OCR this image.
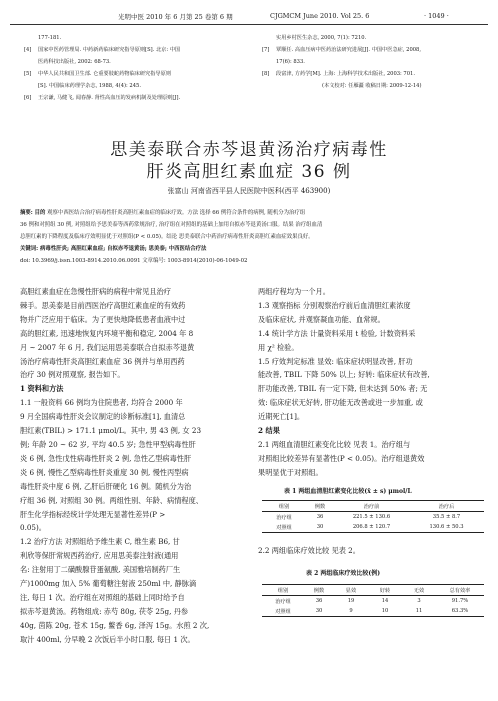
光明中医 2010 年 6 月第 25 卷第 6 期	CJGMCM June 2010. Vol 25. 6	· 1049 ·
177-181.
[4] 国家中医药管理局. 中药新药临床研究指导原则[S]. 北京: 中国
医药科技出版社, 2002: 68-73.
[5] 中华人民共和国卫生部. 仑重要肢蛇药物临床研究指导原则
[S]. 中国临床药理学杂志, 1988, 4(4): 245.
[6] 王宗谦, 马健飞, 闻春静. 肾性高血压的发病机制及处理原则[J].
实用乡村医生杂志, 2000, 7(1): 7210.
[7] 覃顺任. 高血压病中医药治法研究进展[J]. 中国中医急症, 2008,
17(6): 833.
[8] 段富津, 方药学[M]. 上海: 上海科学技术出版社, 2003: 701.
(本文校对: 任雁疆 收稿日期: 2009-12-14)
思美泰联合赤芩退黄汤治疗病毒性
肝炎高胆红素血症 36 例
张富山 河南省西平县人民医院中医科(西平 463900)
摘要: 目的 观察中西医结合治疗病毒性肝炎高胆红素血症的临床疗效。方法 选择 66 例符合条件的病例, 随机分为治疗组
36 例和对照组 30 例, 对照组给予思美泰等西药常规治疗, 治疗组在对照组的基础上加用自拟赤芩退黄汤口服。结果 治疗组血清
总胆红素的下降程度及临床疗效明显优于对照组(P < 0.05)。结论 思美泰联合中药治疗病毒性肝炎高胆红素血症效果良好。
关键词: 病毒性肝炎; 高胆红素血症; 自拟赤芩退黄汤; 思美泰; 中西医结合疗法
doi: 10.3969/j.issn.1003-8914.2010.06.0091 文章编号: 1003-8914(2010)-06-1049-02

高胆红素血症在急慢性肝病的病程中常见且治疗

棘手。思美泰是目前西医治疗高胆红素血症的有效药

物并广泛应用于临床。为了更快地降低患者血液中过

高的胆红素, 迅速地恢复内环境平衡和稳定, 2004 年 8

月 ~ 2007 年 6 月, 我们运用思美泰联合自拟赤芩退黄

汤治疗病毒性肝炎高胆红素血症 36 例并与单用西药

治疗 30 例对照观察, 报告如下。

1 资料和方法

1.1 一般资料 66 例均为住院患者, 均符合 2000 年

9 月全国病毒性肝炎会议制定的诊断标准[1], 血清总

胆红素(TBIL) > 171.1 μmol/L。其中, 男 43 例, 女 23

例; 年龄 20 ~ 62 岁, 平均 40.5 岁; 急性甲型病毒性肝

炎 6 例, 急性戊性病毒性肝炎 2 例, 急性乙型病毒性肝

炎 6 例, 慢性乙型病毒性肝炎重度 30 例, 慢性丙型病

毒性肝炎中度 6 例, 乙肝后肝硬化 16 例。随机分为治

疗组 36 例, 对照组 30 例。两组性别、年龄、病情程度、

肝生化学指标经统计学处理无显著性差异(P >

0.05)。

1.2 治疗方法 对照组给予维生素 C, 维生素 B6, 甘

利欣等保肝常规西药治疗, 应用思美泰注射液(通用

名: 注射用丁二磺酸腺苷蛋氨酸, 美国雅培制药厂生

产)1000mg 加入 5% 葡萄糖注射液 250ml 中, 静脉滴

注, 每日 1 次。治疗组在对照组的基础上同时给予自

拟赤芩退黄汤。药物组成: 赤芍 80g, 茯苓 25g, 丹参

40g, 茵陈 20g, 苍术 15g, 鳖香 6g, 泽泻 15g。水煎 2 次,

取汁 400ml, 分早晚 2 次饭后半小时口服, 每日 1 次。

两组疗程均为一个月。

1.3 观察指标 分别观察治疗前后血清胆红素浓度

及临床症状, 并观察凝血功能、血常规。

1.4 统计学方法 计量资料采用 t 检验, 计数资料采

用 χ² 检验。

1.5 疗效判定标准 显效: 临床症状明显改善, 肝功

能改善, TBIL 下降 50% 以上; 好转: 临床症状有改善,

肝功能改善, TBIL 有一定下降, 但未达到 50% 者; 无

效: 临床症状无好转, 肝功能无改善或进一步加重, 或

近期死亡[1]。

2 结果

2.1 两组血清胆红素变化比较 见表 1。治疗组与

对照组比较差异有显著性(P < 0.05)。治疗组退黄效

果明显优于对照组。

表 1 两组血清胆红素变化比较(x̄ ± s) μmol/L
组别	例数	治疗前	治疗后
治疗组	36	221.5 ± 130.6	35.5 ± 8.7
对照组	30	206.8 ± 120.7	130.6 ± 50.3

2.2 两组临床疗效比较 见表 2。

表 2 两组临床疗效比较(例)
组别	例数	显效	好转	无效	总有效率
治疗组	36	19	14	3	91.7%
对照组	30	9	10	11	63.3%
